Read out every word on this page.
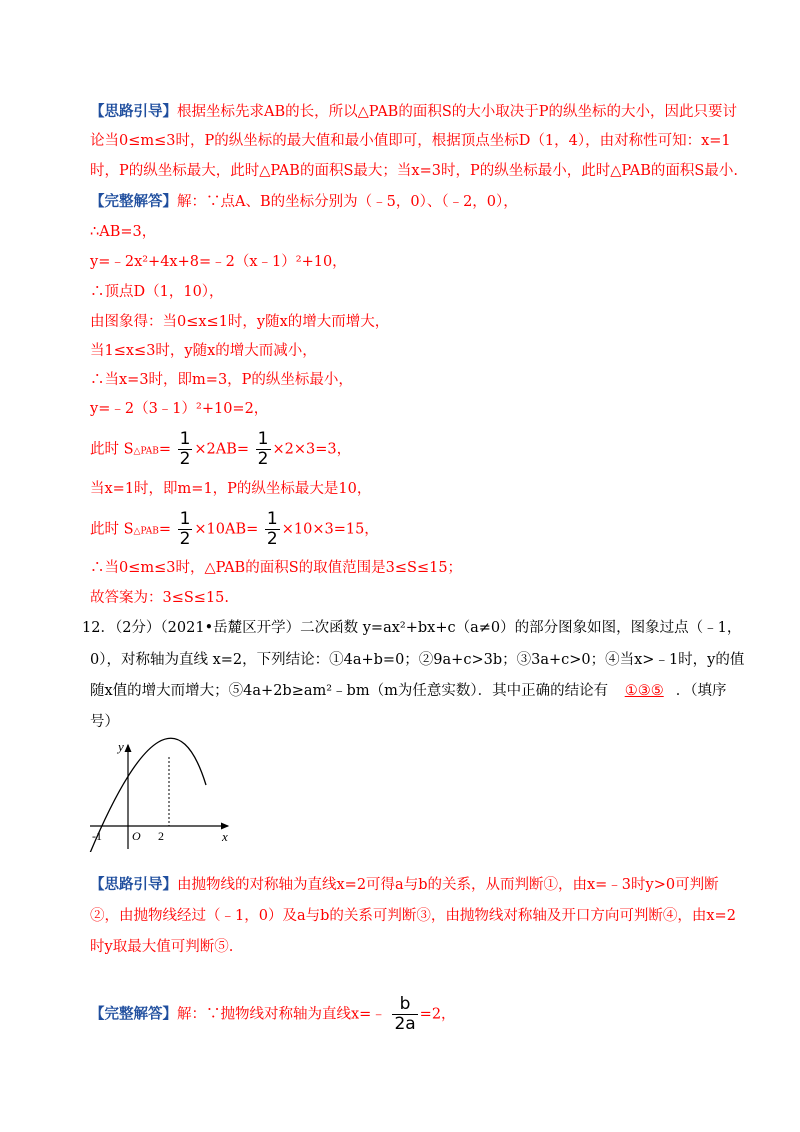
【思路引导】根据坐标先求AB的长，所以△PAB的面积S的大小取决于P的纵坐标的大小，因此只要讨
论当0≤m≤3时，P的纵坐标的最大值和最小值即可，根据顶点坐标D（1，4），由对称性可知：x=1
时，P的纵坐标最大，此时△PAB的面积S最大；当x=3时，P的纵坐标最小，此时△PAB的面积S最小.
【完整解答】解：∵点A、B的坐标分别为（﹣5，0）、（﹣2，0），
∴AB=3，
y=﹣2x²+4x+8=﹣2（x﹣1）²+10，
∴顶点D（1，10），
由图象得：当0≤x≤1时，y随x的增大而增大，
当1≤x≤3时，y随x的增大而减小，
∴当x=3时，即m=3，P的纵坐标最小，
y=﹣2（3﹣1）²+10=2，
此时 S△PAB= $\frac{1}{2} \times 2AB= \frac{1}{2} \times 2\times 3=3$，
当x=1时，即m=1，P的纵坐标最大是10，
此时 S△PAB= $\frac{1}{2} \times 10AB= \frac{1}{2} \times 10\times 3=15$，
∴当0≤m≤3时，△PAB的面积S的取值范围是3≤S≤15；
故答案为：3≤S≤15.
12．（2分）（2021•岳麓区开学）二次函数 y=ax²+bx+c（a≠0）的部分图象如图，图象过点（﹣1，
0），对称轴为直线 x=2，下列结论：①4a+b=0；②9a+c>3b；③3a+c>0；④当x>﹣1时，y的值
随x值的增大而增大；⑤4a+2b≥am²﹣bm（m为任意实数）．其中正确的结论有 ①③⑤ ．（填序
号）
y
x
O
-1	2
【思路引导】由抛物线的对称轴为直线x=2可得a与b的关系，从而判断①，由x=﹣3时y>0可判断
②，由抛物线经过（﹣1，0）及a与b的关系可判断③，由抛物线对称轴及开口方向可判断④，由x=2
时y取最大值可判断⑤.
【完整解答】解：∵抛物线对称轴为直线x=﹣ $\frac{b}{2a} =2$，
